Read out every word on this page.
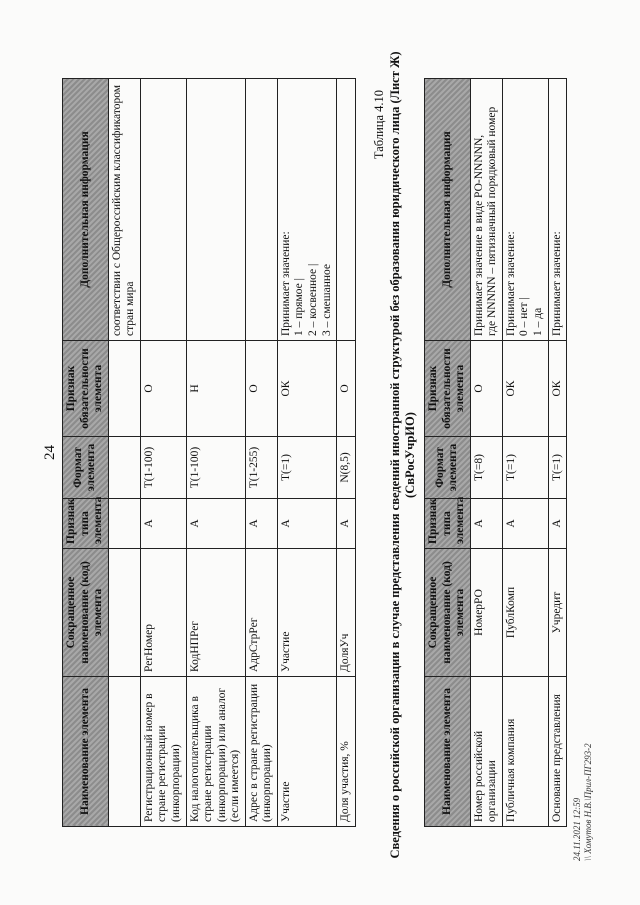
24
Наименование элемента	Сокращенное наименование (код) элемента	Признак типа элемента	Формат элемента	Признак обязательности элемента	Дополнительная информация
					соответствии с Общероссийским классификатором стран мира
Регистрационный номер в стране регистрации (инкорпорации)	РегНомер	А	T(1-100)	О	
Код налогоплательщика в стране регистрации (инкорпорации) или аналог (если имеется)	КодНПРег	А	T(1-100)	Н	
Адрес в стране регистрации (инкорпорации)	АдрСтрРег	А	T(1-255)	О	
Участие	Участие	А	T(=1)	ОК	Принимает значение:
1 – прямое |
2 – косвенное |
3 – смешанное
Доля участия, %	ДоляУч	А	N(8,5)	О	
Таблица 4.10 Сведения о российской организации в случае представления сведений иностранной структурой без образования юридического лица (Лист Ж) (СвРосУчрИО)
Наименование элемента	Сокращенное наименование (код) элемента	Признак типа элемента	Формат элемента	Признак обязательности элемента	Дополнительная информация
Номер российской организации	НомерРО	А	T(=8)	О	Принимает значение в виде РО-NNNNN,
где NNNNN – пятизначный порядковый номер
Публичная компания	ПублКомп	А	T(=1)	ОК	Принимает значение:
0 – нет |
1 – да
Основание представления	Учредит	А	T(=1)	ОК	Принимает значение:
24.11.2021 12:59 \\ Хомутов Н.В.\Прил-ПГ293-2
